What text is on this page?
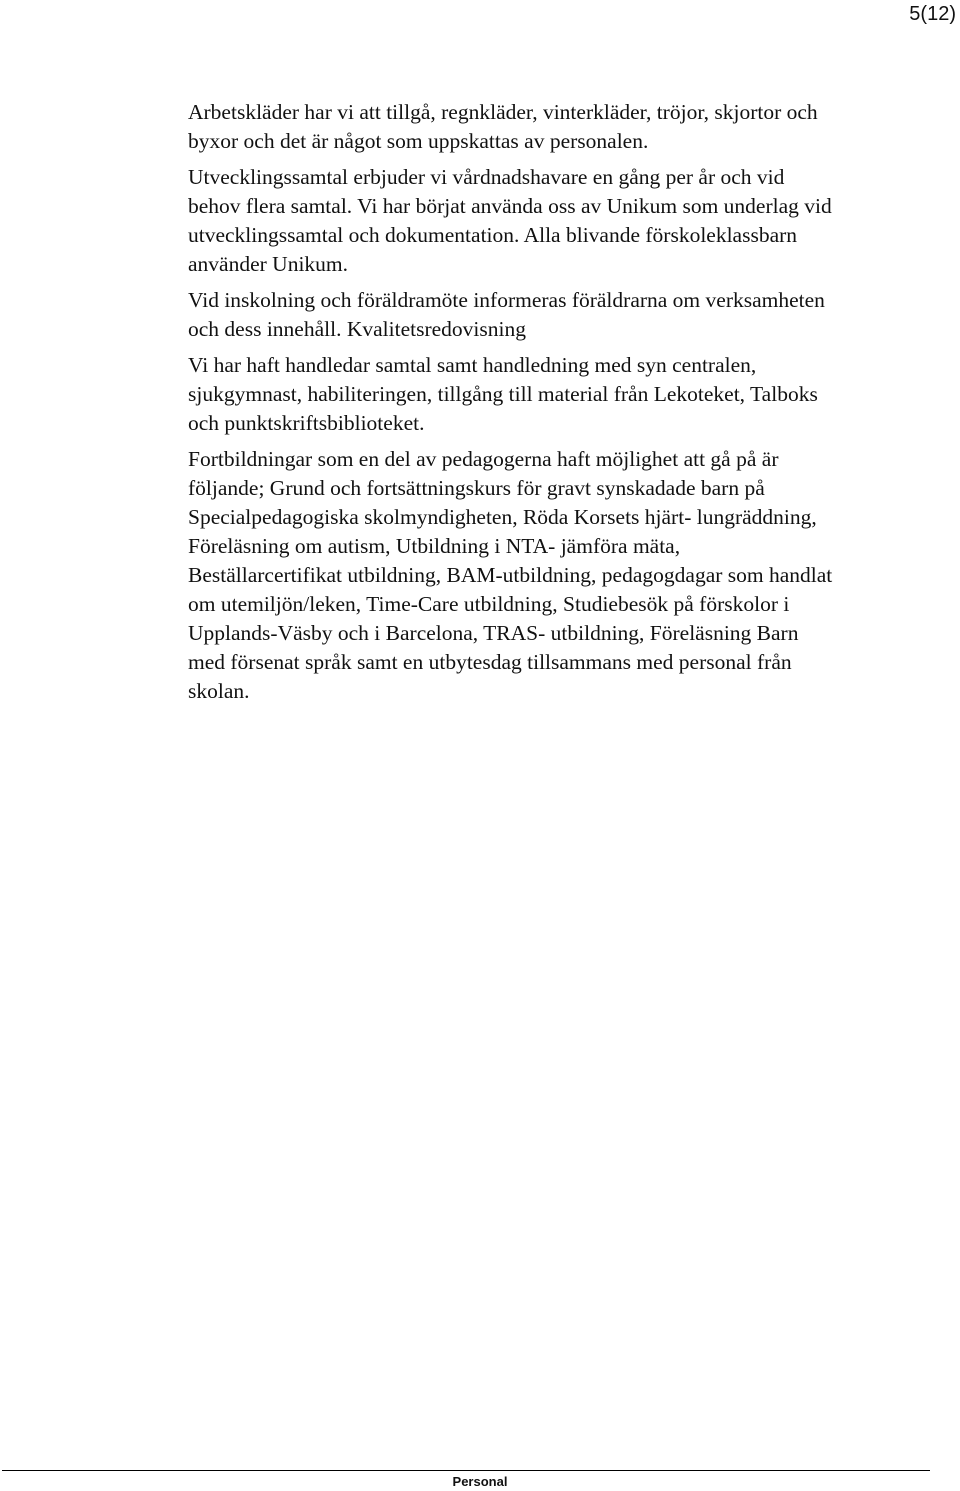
5(12)

Arbetskläder har vi att tillgå, regnkläder, vinterkläder, tröjor, skjortor och

byxor och det är något som uppskattas av personalen.

Utvecklingssamtal erbjuder vi vårdnadshavare en gång per år och vid

behov flera samtal. Vi har börjat använda oss av Unikum som underlag vid

utvecklingssamtal och dokumentation. Alla blivande förskoleklassbarn

använder Unikum.

Vid inskolning och föräldramöte informeras föräldrarna om verksamheten

och dess innehåll. Kvalitetsredovisning

Vi har haft handledar samtal samt handledning med syn centralen,

sjukgymnast, habiliteringen, tillgång till material från Lekoteket, Talboks

och punktskriftsbiblioteket.

Fortbildningar som en del av pedagogerna haft möjlighet att gå på är

följande; Grund och fortsättningskurs för gravt synskadade barn på

Specialpedagogiska skolmyndigheten, Röda Korsets hjärt- lungräddning,

Föreläsning om autism, Utbildning i NTA- jämföra mäta,

Beställarcertifikat utbildning, BAM-utbildning, pedagogdagar som handlat

om utemiljön/leken, Time-Care utbildning, Studiebesök på förskolor i

Upplands-Väsby och i Barcelona, TRAS- utbildning, Föreläsning Barn

med försenat språk samt en utbytesdag tillsammans med personal från

skolan.

Personal
